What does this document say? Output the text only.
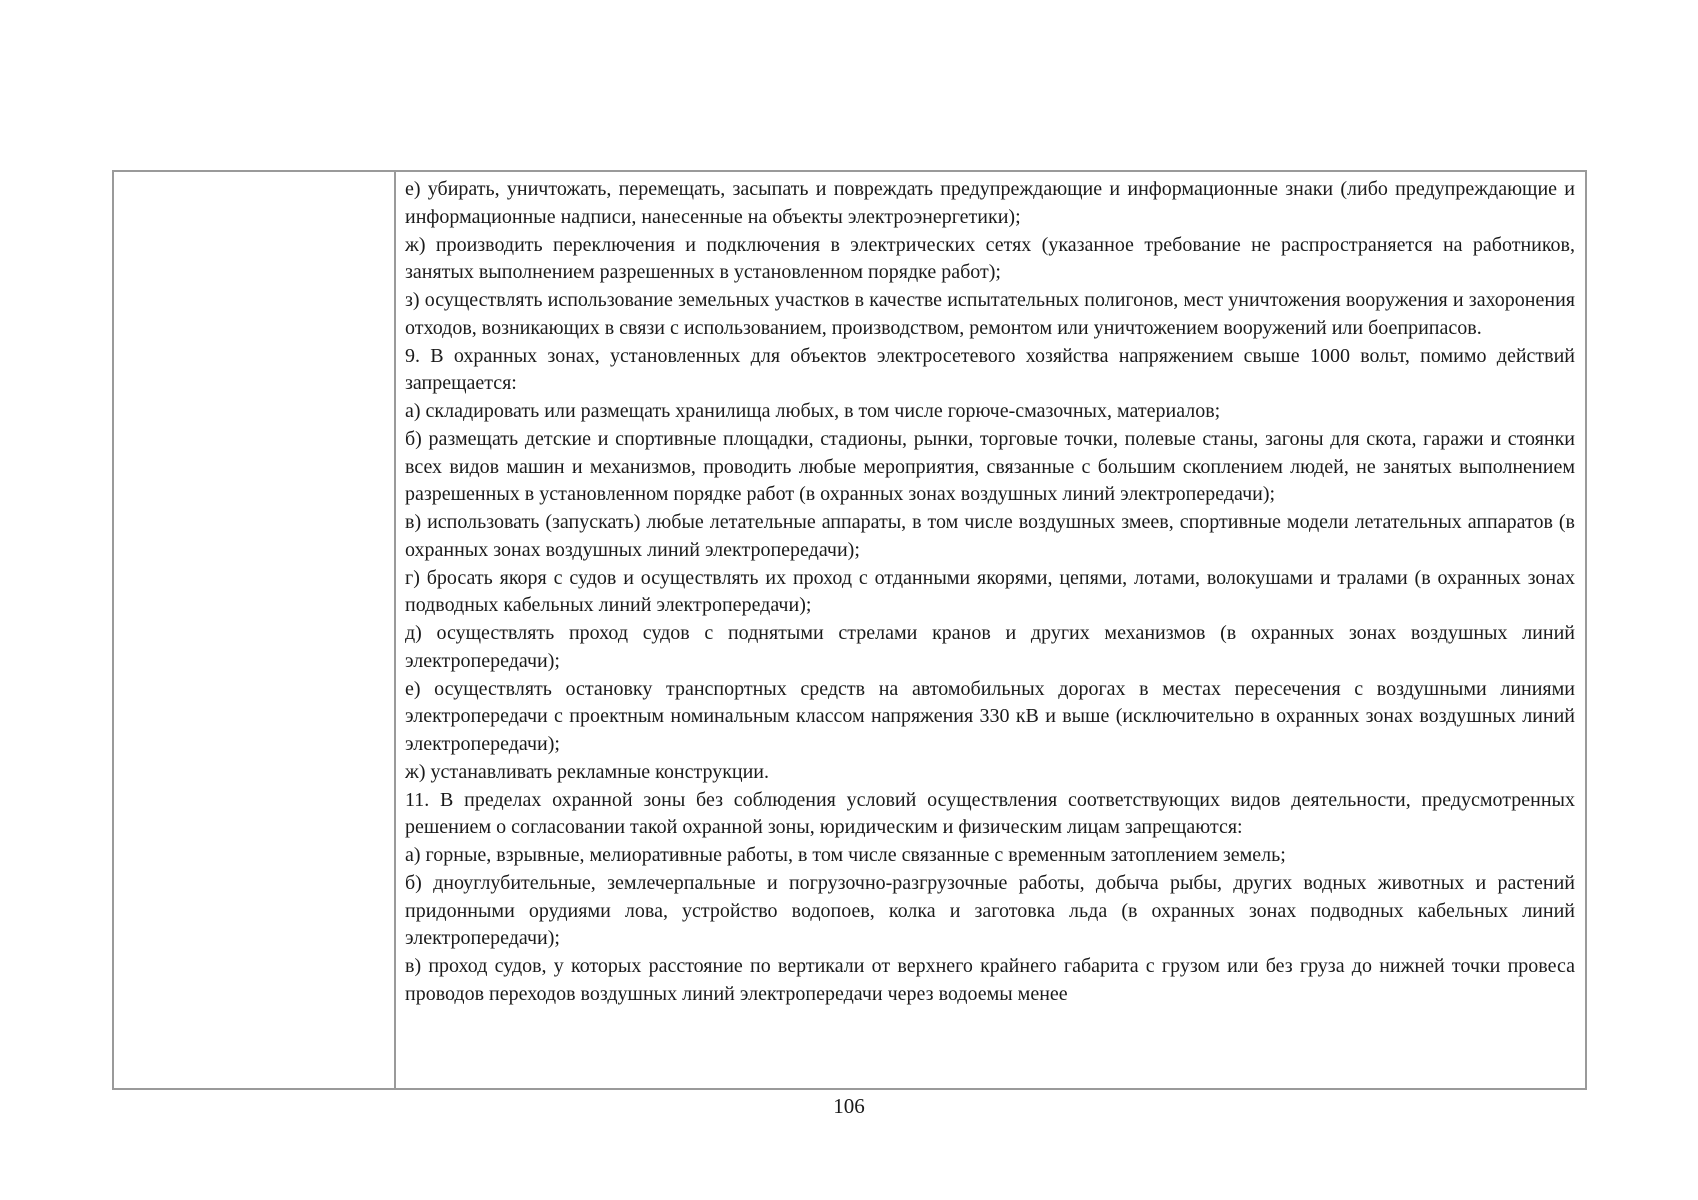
е) убирать, уничтожать, перемещать, засыпать и повреждать предупреждающие и информационные знаки (либо предупреждающие и информационные надписи, нанесенные на объекты электроэнергетики);

ж) производить переключения и подключения в электрических сетях (указанное требование не распространяется на работников, занятых выполнением разрешенных в установленном порядке работ);

з) осуществлять использование земельных участков в качестве испытательных полигонов, мест уничтожения вооружения и захоронения отходов, возникающих в связи с использованием, производством, ремонтом или уничтожением вооружений или боеприпасов.

9. В охранных зонах, установленных для объектов электросетевого хозяйства напряжением свыше 1000 вольт, помимо действий запрещается:

а) складировать или размещать хранилища любых, в том числе горюче-смазочных, материалов;

б) размещать детские и спортивные площадки, стадионы, рынки, торговые точки, полевые станы, загоны для скота, гаражи и стоянки всех видов машин и механизмов, проводить любые мероприятия, связанные с большим скоплением людей, не занятых выполнением разрешенных в установленном порядке работ (в охранных зонах воздушных линий электропередачи);

в) использовать (запускать) любые летательные аппараты, в том числе воздушных змеев, спортивные модели летательных аппаратов (в охранных зонах воздушных линий электропередачи);

г) бросать якоря с судов и осуществлять их проход с отданными якорями, цепями, лотами, волокушами и тралами (в охранных зонах подводных кабельных линий электропередачи);

д) осуществлять проход судов с поднятыми стрелами кранов и других механизмов (в охранных зонах воздушных линий электропередачи);

е) осуществлять остановку транспортных средств на автомобильных дорогах в местах пересечения с воздушными линиями электропередачи с проектным номинальным классом напряжения 330 кВ и выше (исключительно в охранных зонах воздушных линий электропередачи);

ж) устанавливать рекламные конструкции.

11. В пределах охранной зоны без соблюдения условий осуществления соответствующих видов деятельности, предусмотренных решением о согласовании такой охранной зоны, юридическим и физическим лицам запрещаются:

а) горные, взрывные, мелиоративные работы, в том числе связанные с временным затоплением земель;

б) дноуглубительные, землечерпальные и погрузочно-разгрузочные работы, добыча рыбы, других водных животных и растений придонными орудиями лова, устройство водопоев, колка и заготовка льда (в охранных зонах подводных кабельных линий электропередачи);

в) проход судов, у которых расстояние по вертикали от верхнего крайнего габарита с грузом или без груза до нижней точки провеса проводов переходов воздушных линий электропередачи через водоемы менее

106
